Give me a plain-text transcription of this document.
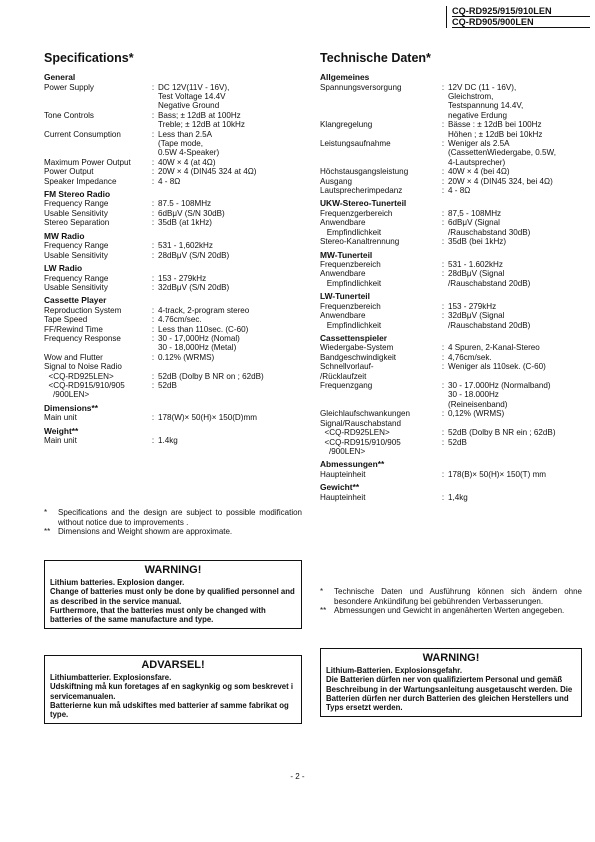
CQ-RD925/915/910LEN
CQ-RD905/900LEN
Specifications*
General
Power Supply	: DC 12V(11V - 16V),
Test Voltage 14.4V
Negative Ground
Tone Controls	: Bass; ± 12dB at 100Hz
Treble; ± 12dB at 10kHz
Current Consumption	: Less than 2.5A
(Tape mode,
0.5W 4-Speaker)
Maximum Power Output	: 40W × 4 (at 4Ω)
Power Output	: 20W × 4 (DIN45 324 at 4Ω)
Speaker Impedance	: 4 - 8Ω
FM Stereo Radio
Frequency Range	: 87.5 - 108MHz
Usable Sensitivity	: 6dBμV (S/N 30dB)
Stereo Separation	: 35dB (at 1kHz)
MW Radio
Frequency Range	: 531 - 1,602kHz
Usable Sensitivity	: 28dBμV (S/N 20dB)
LW Radio
Frequency Range	: 153 - 279kHz
Usable Sensitivity	: 32dBμV (S/N 20dB)
Cassette Player
Reproduction System	: 4-track, 2-program stereo
Tape Speed	: 4.76cm/sec.
FF/Rewind Time	: Less than 110sec. (C-60)
Frequency Response	: 30 - 17,000Hz (Nomal)
30 - 18,000Hz (Metal)
Wow and Flutter	: 0.12% (WRMS)
Signal to Noise Radio
<CQ-RD925LEN>	: 52dB (Dolby B NR on ; 62dB)
<CQ-RD915/910/905
/900LEN>
: 52dB
Dimensions**
Main unit	: 178(W)× 50(H)× 150(D)mm
Weight**
Main unit	: 1.4kg
*	Specifications and the design are subject to possible modification without notice due to improvements .
** Dimensions and Weight showm are approximate.
WARNING!
Lithium batteries. Explosion danger.
Change of batteries must only be done by qualified personnel and as described in the service manual.
Furthermore, that the batteries must only be changed with batteries of the same manufacture and type.
ADVARSEL!
Lithiumbatterier. Explosionsfare.
Udskiftning må kun foretages af en sagkynkig og som beskrevet i servicemanualen.
Batterierne kun må udskiftes med batterier af samme fabrikat og type.
Technische Daten*
Allgemeines
Spannungsversorgung	: 12V DC (11 - 16V),
Gleichstrom,
Testspannung 14.4V,
negative Erdung
Klangregelung	: Bässe : ± 12dB bei 100Hz
Höhen ; ± 12dB bei 10kHz
Leistungsaufnahme	: Weniger als 2.5A
(CassettenWiedergabe, 0.5W,
4-Lautsprecher)
Höchstausgangsleistung	: 40W × 4 (bei 4Ω)
Ausgang	: 20W × 4 (DIN45 324, bei 4Ω)
Lautsprecherimpedanz	: 4 - 8Ω
UKW-Stereo-Tunerteil
Frequenzgerbereich	: 87,5 - 108MHz
Anwendbare
Empfindlichkeit
: 6dBμV (Signal
/Rauschabstand 30dB)
Stereo-Kanaltrennung	: 35dB (bei 1kHz)
MW-Tunerteil
Frequenzbereich	: 531 - 1.602kHz
Anwendbare
Empfindlichkeit
: 28dBμV (Signal
/Rauschabstand 20dB)
LW-Tunerteil
Frequenzbereich	: 153 - 279kHz
Anwendbare
Empfindlichkeit
: 32dBμV (Signal
/Rauschabstand 20dB)
Cassettenspieler
Wiedergabe-System	: 4 Spuren, 2-Kanal-Stereo
Bandgeschwindigkeit	: 4,76cm/sek.
Schnellvorlauf-
/Rücklaufzeit
: Weniger als 110sek. (C-60)
Frequenzgang	: 30 - 17.000Hz (Normalband)
30 - 18.000Hz
(Reineisenband)
Gleichlaufschwankungen	: 0,12% (WRMS)
Signal/Rauschabstand
<CQ-RD925LEN>	: 52dB (Dolby B NR ein ; 62dB)
<CQ-RD915/910/905
/900LEN>
: 52dB
Abmessungen**
Haupteinheit	: 178(B)× 50(H)× 150(T) mm
Gewicht**
Haupteinheit	: 1,4kg
*	Technische Daten und Ausführung können sich ändern ohne besondere Ankündifung bei gebührenden Verbasserungen.
** Abmessungen und Gewicht in angenäherten Werten angegeben.
WARNING!
Lithium-Batterien. Explosionsgefahr.
Die Batterien dürfen ner von qualifiziertem Personal und gemäß Beschreibung in der Wartungsanleitung ausgetauscht werden. Die Batterien dürfen ner durch Batterien des gleichen Herstellers und Typs ersetzt werden.
- 2 -
